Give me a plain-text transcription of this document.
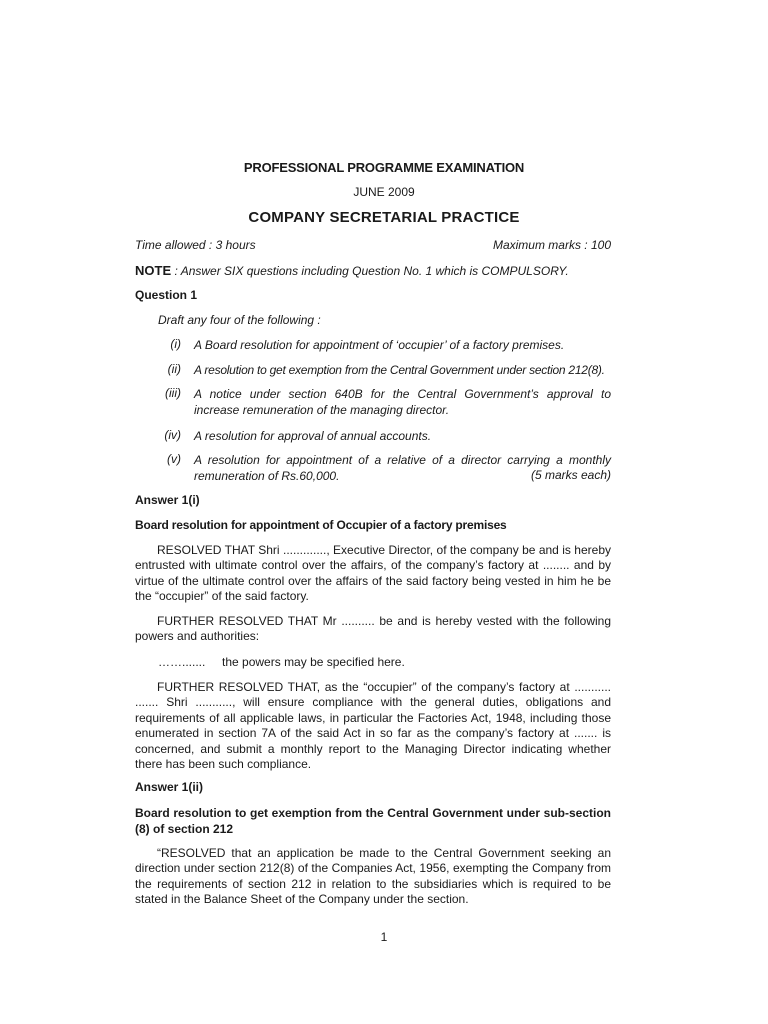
PROFESSIONAL PROGRAMME EXAMINATION
JUNE 2009
COMPANY SECRETARIAL PRACTICE
Time allowed : 3 hours	Maximum marks : 100
NOTE : Answer SIX questions including Question No. 1 which is COMPULSORY.
Question 1
Draft any four of the following :
(i) A Board resolution for appointment of ‘occupier’ of a factory premises.
(ii) A resolution to get exemption from the Central Government under section 212(8).
(iii) A notice under section 640B for the Central Government’s approval to increase remuneration of the managing director.
(iv) A resolution for approval of annual accounts.
(v) A resolution for appointment of a relative of a director carrying a monthly remuneration of Rs.60,000.	(5 marks each)
Answer 1(i)
Board resolution for appointment of Occupier of a factory premises
RESOLVED THAT Shri ............., Executive Director, of the company be and is hereby entrusted with ultimate control over the affairs, of the company’s factory at ........ and by virtue of the ultimate control over the affairs of the said factory being vested in him he be the “occupier” of the said factory.
FURTHER RESOLVED THAT Mr .......... be and is hereby vested with the following powers and authorities:
……....... the powers may be specified here.
FURTHER RESOLVED THAT, as the “occupier” of the company’s factory at ........... ....... Shri ..........., will ensure compliance with the general duties, obligations and requirements of all applicable laws, in particular the Factories Act, 1948, including those enumerated in section 7A of the said Act in so far as the company’s factory at ....... is concerned, and submit a monthly report to the Managing Director indicating whether there has been such compliance.
Answer 1(ii)
Board resolution to get exemption from the Central Government under sub-section (8) of section 212
“RESOLVED that an application be made to the Central Government seeking an direction under section 212(8) of the Companies Act, 1956, exempting the Company from the requirements of section 212 in relation to the subsidiaries which is required to be stated in the Balance Sheet of the Company under the section.
1
